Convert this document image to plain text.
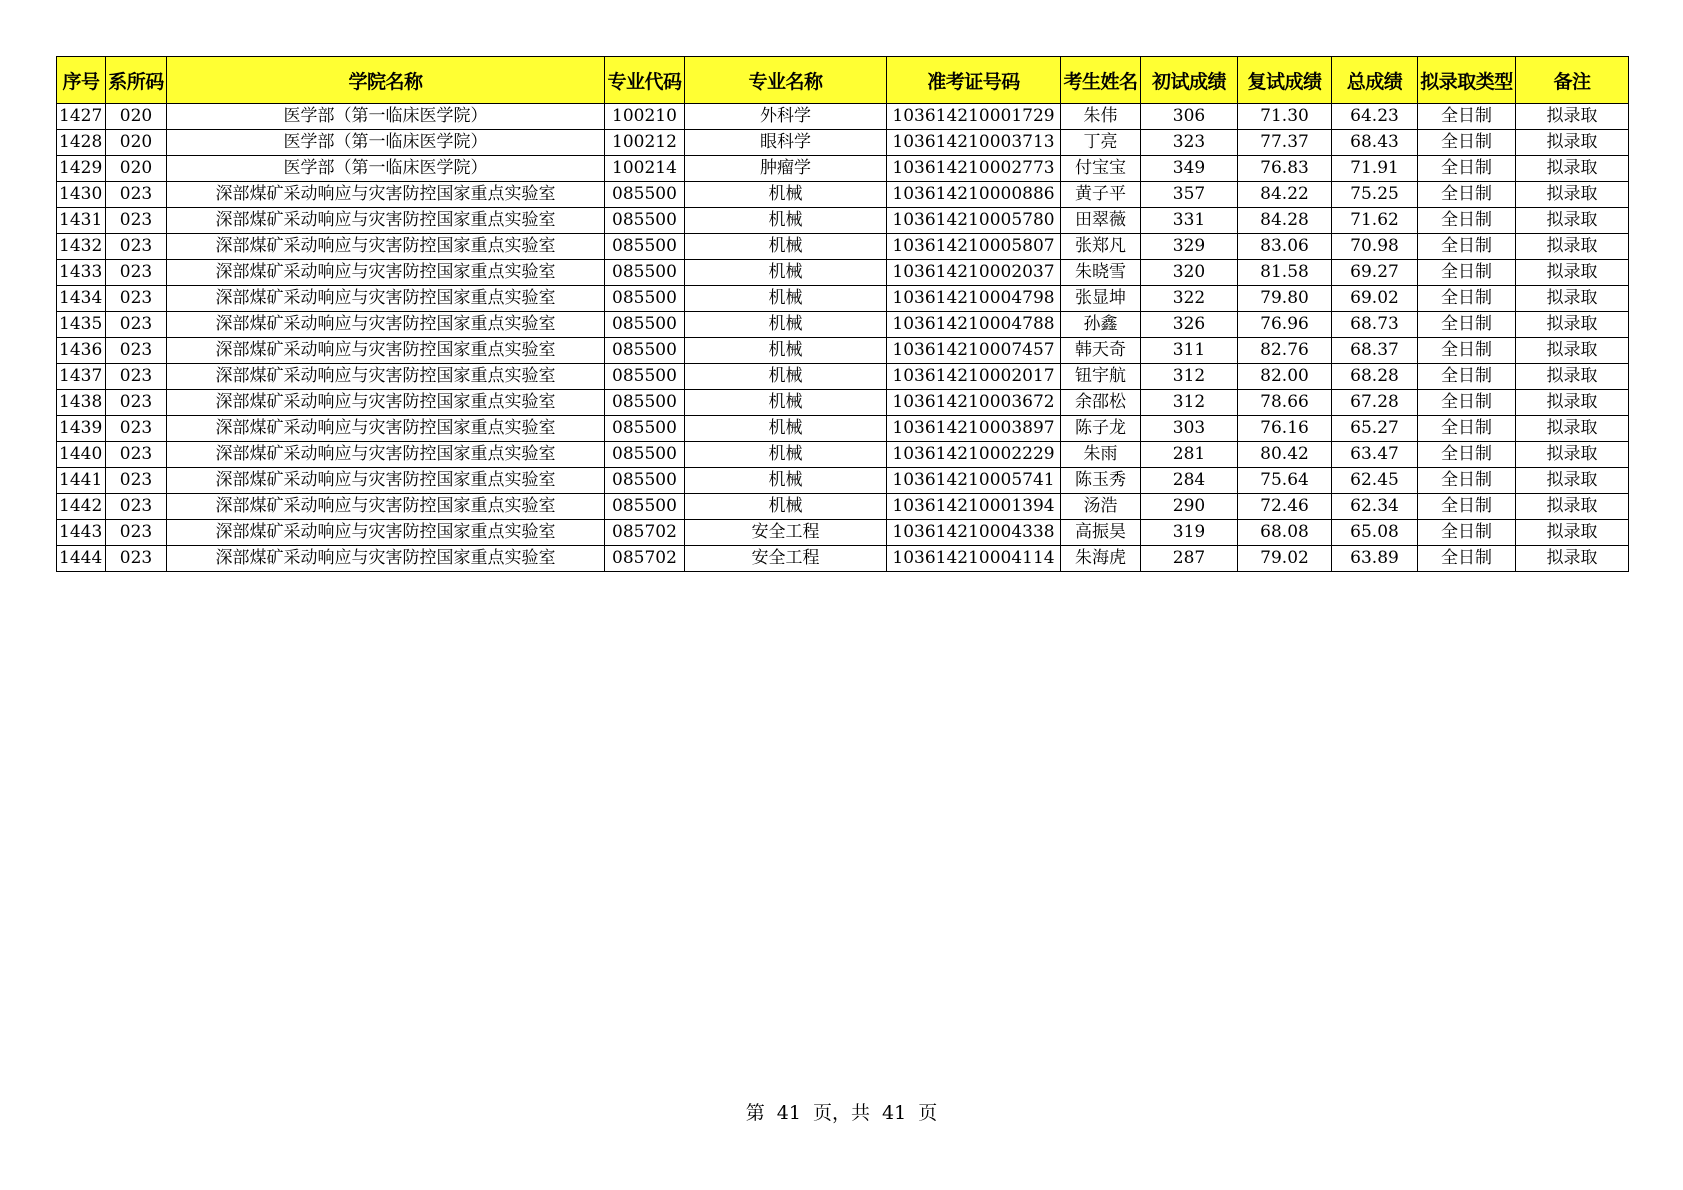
序号	系所码	学院名称	专业代码	专业名称	准考证号码	考生姓名	初试成绩	复试成绩	总成绩	拟录取类型	备注
1427	020	医学部（第一临床医学院）	100210	外科学	103614210001729	朱伟	306	71.30	64.23	全日制	拟录取
1428	020	医学部（第一临床医学院）	100212	眼科学	103614210003713	丁亮	323	77.37	68.43	全日制	拟录取
1429	020	医学部（第一临床医学院）	100214	肿瘤学	103614210002773	付宝宝	349	76.83	71.91	全日制	拟录取
1430	023	深部煤矿采动响应与灾害防控国家重点实验室	085500	机械	103614210000886	黄子平	357	84.22	75.25	全日制	拟录取
1431	023	深部煤矿采动响应与灾害防控国家重点实验室	085500	机械	103614210005780	田翠薇	331	84.28	71.62	全日制	拟录取
1432	023	深部煤矿采动响应与灾害防控国家重点实验室	085500	机械	103614210005807	张郑凡	329	83.06	70.98	全日制	拟录取
1433	023	深部煤矿采动响应与灾害防控国家重点实验室	085500	机械	103614210002037	朱晓雪	320	81.58	69.27	全日制	拟录取
1434	023	深部煤矿采动响应与灾害防控国家重点实验室	085500	机械	103614210004798	张显坤	322	79.80	69.02	全日制	拟录取
1435	023	深部煤矿采动响应与灾害防控国家重点实验室	085500	机械	103614210004788	孙鑫	326	76.96	68.73	全日制	拟录取
1436	023	深部煤矿采动响应与灾害防控国家重点实验室	085500	机械	103614210007457	韩天奇	311	82.76	68.37	全日制	拟录取
1437	023	深部煤矿采动响应与灾害防控国家重点实验室	085500	机械	103614210002017	钮宇航	312	82.00	68.28	全日制	拟录取
1438	023	深部煤矿采动响应与灾害防控国家重点实验室	085500	机械	103614210003672	余邵松	312	78.66	67.28	全日制	拟录取
1439	023	深部煤矿采动响应与灾害防控国家重点实验室	085500	机械	103614210003897	陈子龙	303	76.16	65.27	全日制	拟录取
1440	023	深部煤矿采动响应与灾害防控国家重点实验室	085500	机械	103614210002229	朱雨	281	80.42	63.47	全日制	拟录取
1441	023	深部煤矿采动响应与灾害防控国家重点实验室	085500	机械	103614210005741	陈玉秀	284	75.64	62.45	全日制	拟录取
1442	023	深部煤矿采动响应与灾害防控国家重点实验室	085500	机械	103614210001394	汤浩	290	72.46	62.34	全日制	拟录取
1443	023	深部煤矿采动响应与灾害防控国家重点实验室	085702	安全工程	103614210004338	高振昊	319	68.08	65.08	全日制	拟录取
1444	023	深部煤矿采动响应与灾害防控国家重点实验室	085702	安全工程	103614210004114	朱海虎	287	79.02	63.89	全日制	拟录取
第 41 页，共 41 页
